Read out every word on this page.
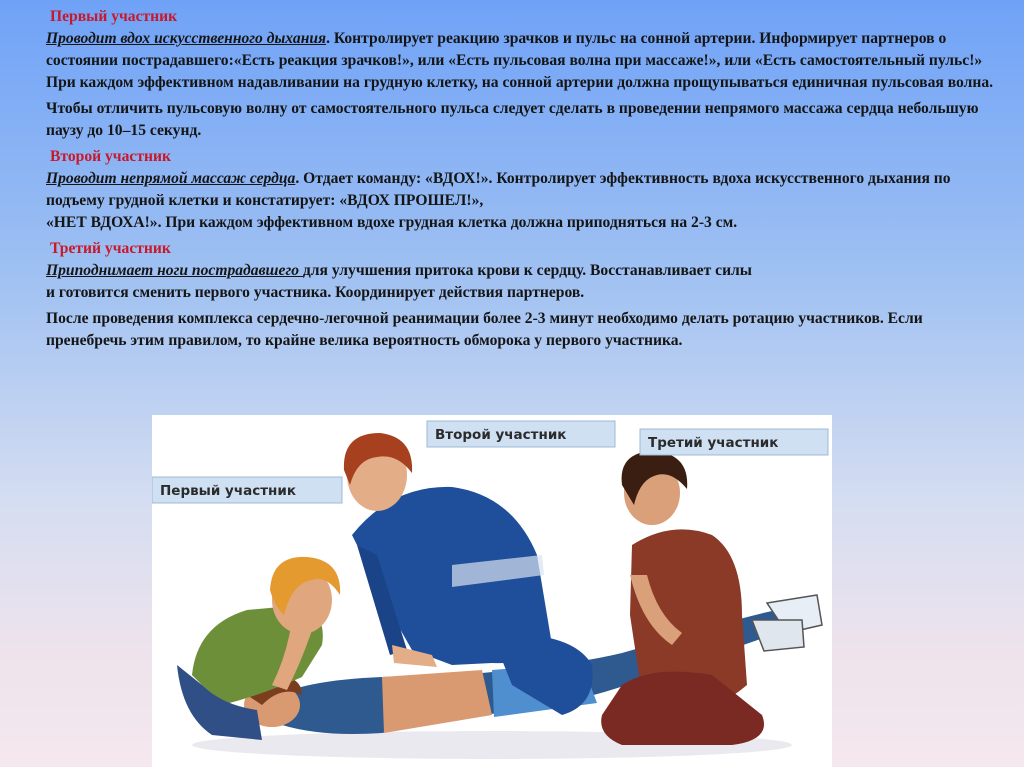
Первый участник

Проводит вдох искусственного дыхания. Контролирует реакцию зрачков и пульс на сонной артерии. Информирует партнеров о состоянии пострадавшего:«Есть реакция зрачков!», или «Есть пульсовая волна при массаже!», или «Есть самостоятельный пульс!» При каждом эффективном надавливании на грудную клетку, на сонной артерии должна прощупываться единичная пульсовая волна.

Чтобы отличить пульсовую волну от самостоятельного пульса следует сделать в проведении непрямого массажа сердца небольшую паузу до 10–15 секунд.

Второй участник

Проводит непрямой массаж сердца. Отдает команду: «ВДОХ!». Контролирует эффективность вдоха искусственного дыхания по подъему грудной клетки и констатирует: «ВДОХ ПРОШЕЛ!»,

«НЕТ ВДОХА!». При каждом эффективном вдохе грудная клетка должна приподняться на 2-3 см.

Третий участник

Приподнимает ноги пострадавшего для улучшения притока крови к сердцу. Восстанавливает силы

и готовится сменить первого участника. Координирует действия партнеров.

После проведения комплекса сердечно-легочной реанимации более 2-3 минут необходимо делать ротацию участников. Если пренебречь этим правилом, то крайне велика вероятность обморока у первого участника.

Первый участник
Второй участник	Третий участник
